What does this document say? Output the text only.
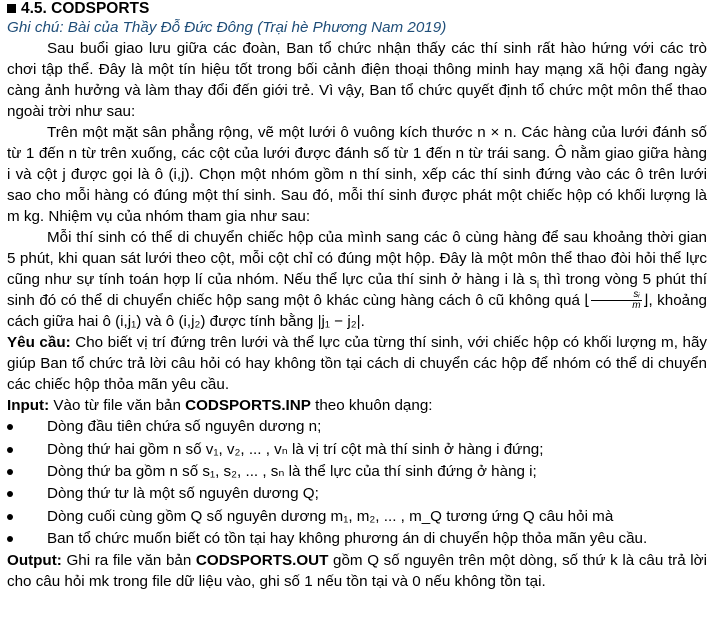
4.5. CODSPORTS
Ghi chú: Bài của Thầy Đỗ Đức Đông (Trại hè Phương Nam 2019)

Sau buổi giao lưu giữa các đoàn, Ban tổ chức nhận thấy các thí sinh rất hào hứng với các trò chơi tập thể. Đây là một tín hiệu tốt trong bối cảnh điện thoại thông minh hay mạng xã hội đang ngày càng ảnh hưởng và làm thay đổi đến giới trẻ. Vì vậy, Ban tổ chức quyết định tổ chức một môn thể thao ngoài trời như sau:

Trên một mặt sân phẳng rộng, vẽ một lưới ô vuông kích thước n × n. Các hàng của lưới đánh số từ 1 đến n từ trên xuống, các cột của lưới được đánh số từ 1 đến n từ trái sang. Ô nằm giao giữa hàng i và cột j được gọi là ô (i,j). Chọn một nhóm gồm n thí sinh, xếp các thí sinh đứng vào các ô trên lưới sao cho mỗi hàng có đúng một thí sinh. Sau đó, mỗi thí sinh được phát một chiếc hộp có khối lượng là m kg. Nhiệm vụ của nhóm tham gia như sau:

Mỗi thí sinh có thể di chuyển chiếc hộp của mình sang các ô cùng hàng để sau khoảng thời gian 5 phút, khi quan sát lưới theo cột, mỗi cột chỉ có đúng một hộp. Đây là một môn thể thao đòi hỏi thể lực cũng như sự tính toán hợp lí của nhóm. Nếu thể lực của thí sinh ở hàng i là $s_i$ thì trong vòng 5 phút thí sinh đó có thể di chuyển chiếc hộp sang một ô khác cùng hàng cách ô cũ không quá ⌊ $\frac{\text{sᵢ}}{m}$ ⌋, khoảng cách giữa hai ô (i,j₁) và ô (i,j₂) được tính bằng |j₁ − j₂|.

Yêu cầu: Cho biết vị trí đứng trên lưới và thể lực của từng thí sinh, với chiếc hộp có khối lượng m, hãy giúp Ban tổ chức trả lời câu hỏi có hay không tồn tại cách di chuyển các hộp để nhóm có thể di chuyển các chiếc hộp thỏa mãn yêu cầu.

Input: Vào từ file văn bản CODSPORTS.INP theo khuôn dạng:

Dòng đầu tiên chứa số nguyên dương n;
Dòng thứ hai gồm n số v₁, v₂, ... , vₙ là vị trí cột mà thí sinh ở hàng i đứng;
Dòng thứ ba gồm n số s₁, s₂, ... , sₙ là thể lực của thí sinh đứng ở hàng i;
Dòng thứ tư là một số nguyên dương Q;
Dòng cuối cùng gồm Q số nguyên dương m₁, m₂, ... , m_Q tương ứng Q câu hỏi mà
Ban tổ chức muốn biết có tồn tại hay không phương án di chuyển hộp thỏa mãn yêu cầu.

Output: Ghi ra file văn bản CODSPORTS.OUT gồm Q số nguyên trên một dòng, số thứ k là câu trả lời cho câu hỏi mk trong file dữ liệu vào, ghi số 1 nếu tồn tại và 0 nếu không tồn tại.
